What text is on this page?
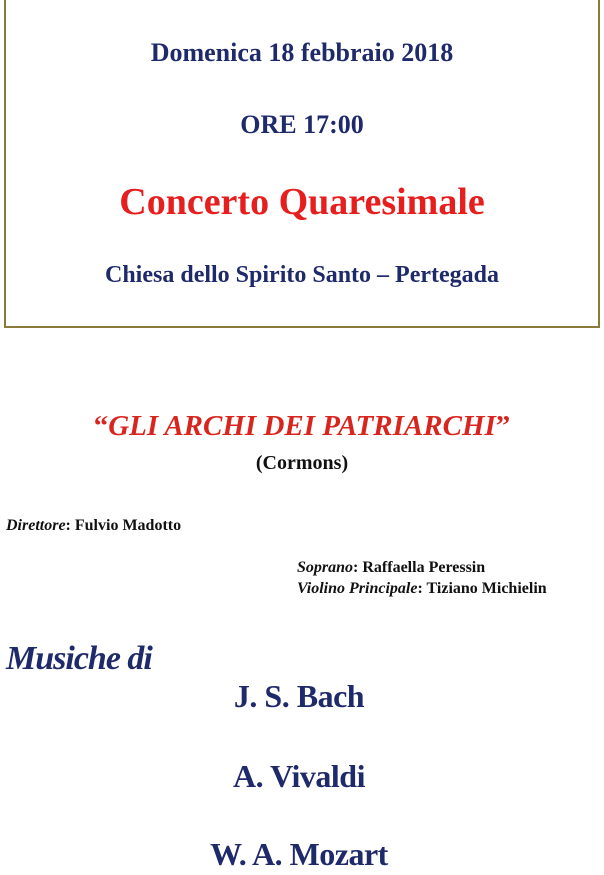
Domenica 18 febbraio 2018
ORE 17:00
Concerto Quaresimale
Chiesa dello Spirito Santo – Pertegada
“GLI ARCHI DEI PATRIARCHI”
(Cormons)
Direttore: Fulvio Madotto
Soprano: Raffaella Peressin
Violino Principale: Tiziano Michielin
Musiche di
J. S. Bach
A. Vivaldi
W. A. Mozart
